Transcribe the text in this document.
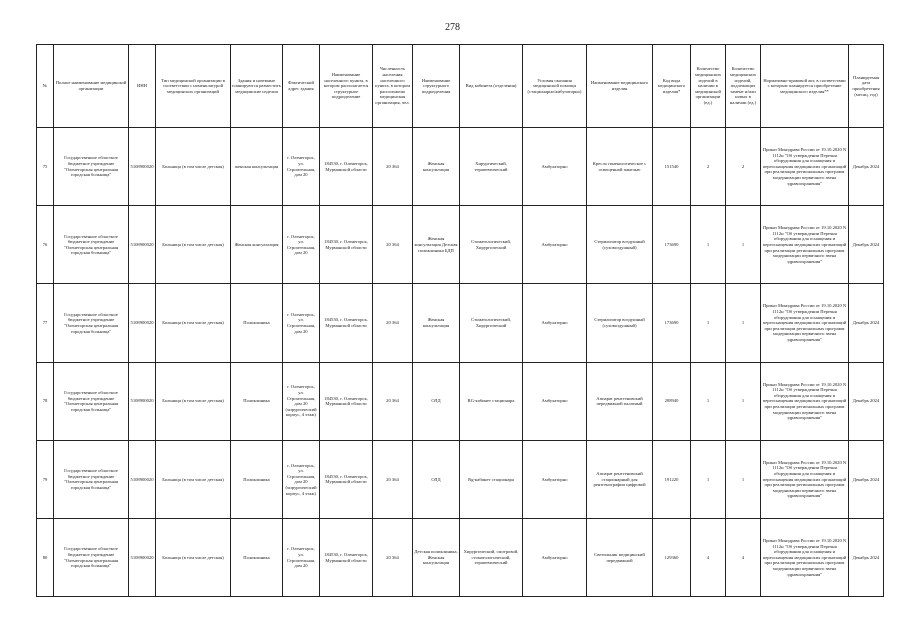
278
№	Полное наименование медицинской организации	ИНН	Тип медицинской организации в соответствии с номенклатурой медицинских организаций	Здания и наземные планируются разместить медицинские изделия	Фактический адрес здания	Наименование населенного пункта, в котором располагается структурное подразделение	Численность населения населенного пункта, в котором расположено медицинская организация, чел.	Наименование структурного подразделения	Вид кабинета (отделения)	Условия оказания медицинской помощи (стационарно/амбулаторно)	Наименование медицинского изделия	Код вида медицинского изделия*	Количество медицинских изделий в наличии в медицинской организации (ед.)	Количество медицинских изделий, подлежащих замене и/или новых в наличии (ед.)	Нормативно-правовой акт, в соответствии с которым планируется приобретение медицинского изделия**	Планируемая дата приобретения (месяц, год)
75	Государственное областное бюджетное учреждение "Оленегорская центральная городская больница"	5108900020	Больница (в том числе детская)	женская консультация	г. Оленегорск, ул. Строительная, дом 20	184530, г. Оленегорск, Мурманской области	20 364	Женская консультация	Хирургический, терапевтический	Амбулаторно	Кресло гинекологическое с освещенной панелью	151540	2	2	Приказ Минздрава России от 19.10.2020 N 1112н "Об утверждении Перечня оборудования для оснащения и переоснащения медицинских организаций при реализации региональных программ модернизации первичного звена здравоохранения"	Декабрь 2024
76	Государственное областное бюджетное учреждение "Оленегорская центральная городская больница"	5108900020	Больница (в том числе детская)	Женская консультация	г. Оленегорск, ул. Строительная, дом 20	184530, г. Оленегорск, Мурманской области	20 364	Женская консультация Детская поликлиника БДП	Стоматологический, Хирургический	Амбулаторно	Стерилизатор воздушный (суховоздушный)	173690	1	1	Приказ Минздрава России от 19.10.2020 N 1112н "Об утверждении Перечня оборудования для оснащения и переоснащения медицинских организаций при реализации региональных программ модернизации первичного звена здравоохранения"	Декабрь 2024
77	Государственное областное бюджетное учреждение "Оленегорская центральная городская больница"	5108900020	Больница (в том числе детская)	Поликлиника	г. Оленегорск, ул. Строительная, дом 20	184530, г. Оленегорск, Мурманской области	20 364	Женская консультация	Стоматологический, Хирургический	Амбулаторно	Стерилизатор воздушный (суховоздушный)	173690	1	1	Приказ Минздрава России от 19.10.2020 N 1112н "Об утверждении Перечня оборудования для оснащения и переоснащения медицинских организаций при реализации региональных программ модернизации первичного звена здравоохранения"	Декабрь 2024
78	Государственное областное бюджетное учреждение "Оленегорская центральная городская больница"	5108900020	Больница (в том числе детская)	Поликлиника	г. Оленегорск, ул. Строительная, дом 20 (хирургический корпус, 4 этаж)	184530, г. Оленегорск, Мурманской области	20 364	ОЛД	RG-кабинет стационара	Амбулаторно	Аппарат рентгеновский передвижной палатный	208940	1	1	Приказ Минздрава России от 19.10.2020 N 1112н "Об утверждении Перечня оборудования для оснащения и переоснащения медицинских организаций при реализации региональных программ модернизации первичного звена здравоохранения"	Декабрь 2024
79	Государственное областное бюджетное учреждение "Оленегорская центральная городская больница"	5108900020	Больница (в том числе детская)	Поликлиника	г. Оленегорск, ул. Строительная, дом 20 (хирургический корпус, 4 этаж)	184530, г. Оленегорск, Мурманской области	20 364	ОЛД	Rg-кабинет стационара	Амбулаторно	Аппарат рентгеновский стационарный для рентгенографии цифровой	191220	1	1	Приказ Минздрава России от 19.10.2020 N 1112н "Об утверждении Перечня оборудования для оснащения и переоснащения медицинских организаций при реализации региональных программ модернизации первичного звена здравоохранения"	Декабрь 2024
80	Государственное областное бюджетное учреждение "Оленегорская центральная городская больница"	5108900020	Больница (в том числе детская)	Поликлиника	г. Оленегорск, ул. Строительная, дом 20	184530, г. Оленегорск, Мурманской области	20 364	Детская поликлиника, Женская консультация	Хирургический, смотровой, стоматологический, терапевтический	Амбулаторно	Светильник медицинский передвижной	129360	4	4	Приказ Минздрава России от 19.10.2020 N 1112н "Об утверждении Перечня оборудования для оснащения и переоснащения медицинских организаций при реализации региональных программ модернизации первичного звена здравоохранения"	Декабрь 2024
